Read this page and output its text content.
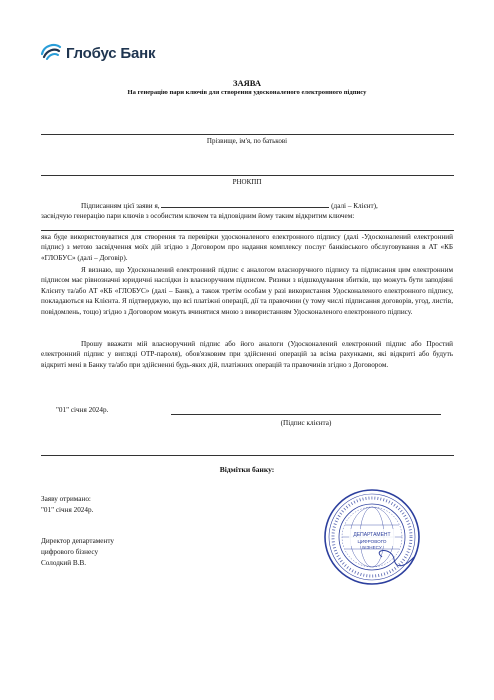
Глобус Банк
ЗАЯВА
На генерацію пари ключів для створення удосконаленого електронного підпису
Прізвище, ім'я, по батькові
РНОКПП

Підписанням цієї заяви я,	(далі – Клієнт),

засвідчую генерацію пари ключів з особистим ключем та відповідним йому таким відкритим ключем:

яка буде використовуватися для створення та перевірки удосконаленого електронного підпису (далі -Удосконалений електронний підпис) з метою засвідчення моїх дій згідно з Договором про надання комплексу послуг банківського обслуговування в АТ «КБ «ГЛОБУС» (далі – Договір).

Я визнаю, що Удосконалений електронний підпис є аналогом власноручного підпису та підписання цим електронним підписом має рівнозначні юридичні наслідки із власноручним підписом. Ризики з відшкодування збитків, що можуть бути заподіяні Клієнту та/або АТ «КБ «ГЛОБУС» (далі – Банк), а також третім особам у разі використання Удосконаленого електронного підпису, покладаються на Клієнта. Я підтверджую, що всі платіжні операції, дії та правочини (у тому числі підписання договорів, угод, листів, повідомлень, тощо) згідно з Договором можуть вчинятися мною з використанням Удосконаленого електронного підпису.

Прошу вважати мій власноручний підпис або його аналоги (Удосконалений електронний підпис або Простий електронний підпис у вигляді OTP-пароля), обов'язковим при здійсненні операцій за всіма рахунками, які відкриті або будуть відкриті мені в Банку та/або при здійсненні будь-яких дій, платіжних операцій та правочинів згідно з Договором.

"01" січня 2024р.
(Підпис клієнта)
Відмітки банку:
Заяву отримано:
"01" січня 2024р.
Директор департаменту
цифрового бізнесу
Солодкий В.В.
ДЕПАРТАМЕНТ
ЦИФРОВОГО
БІЗНЕСУ
